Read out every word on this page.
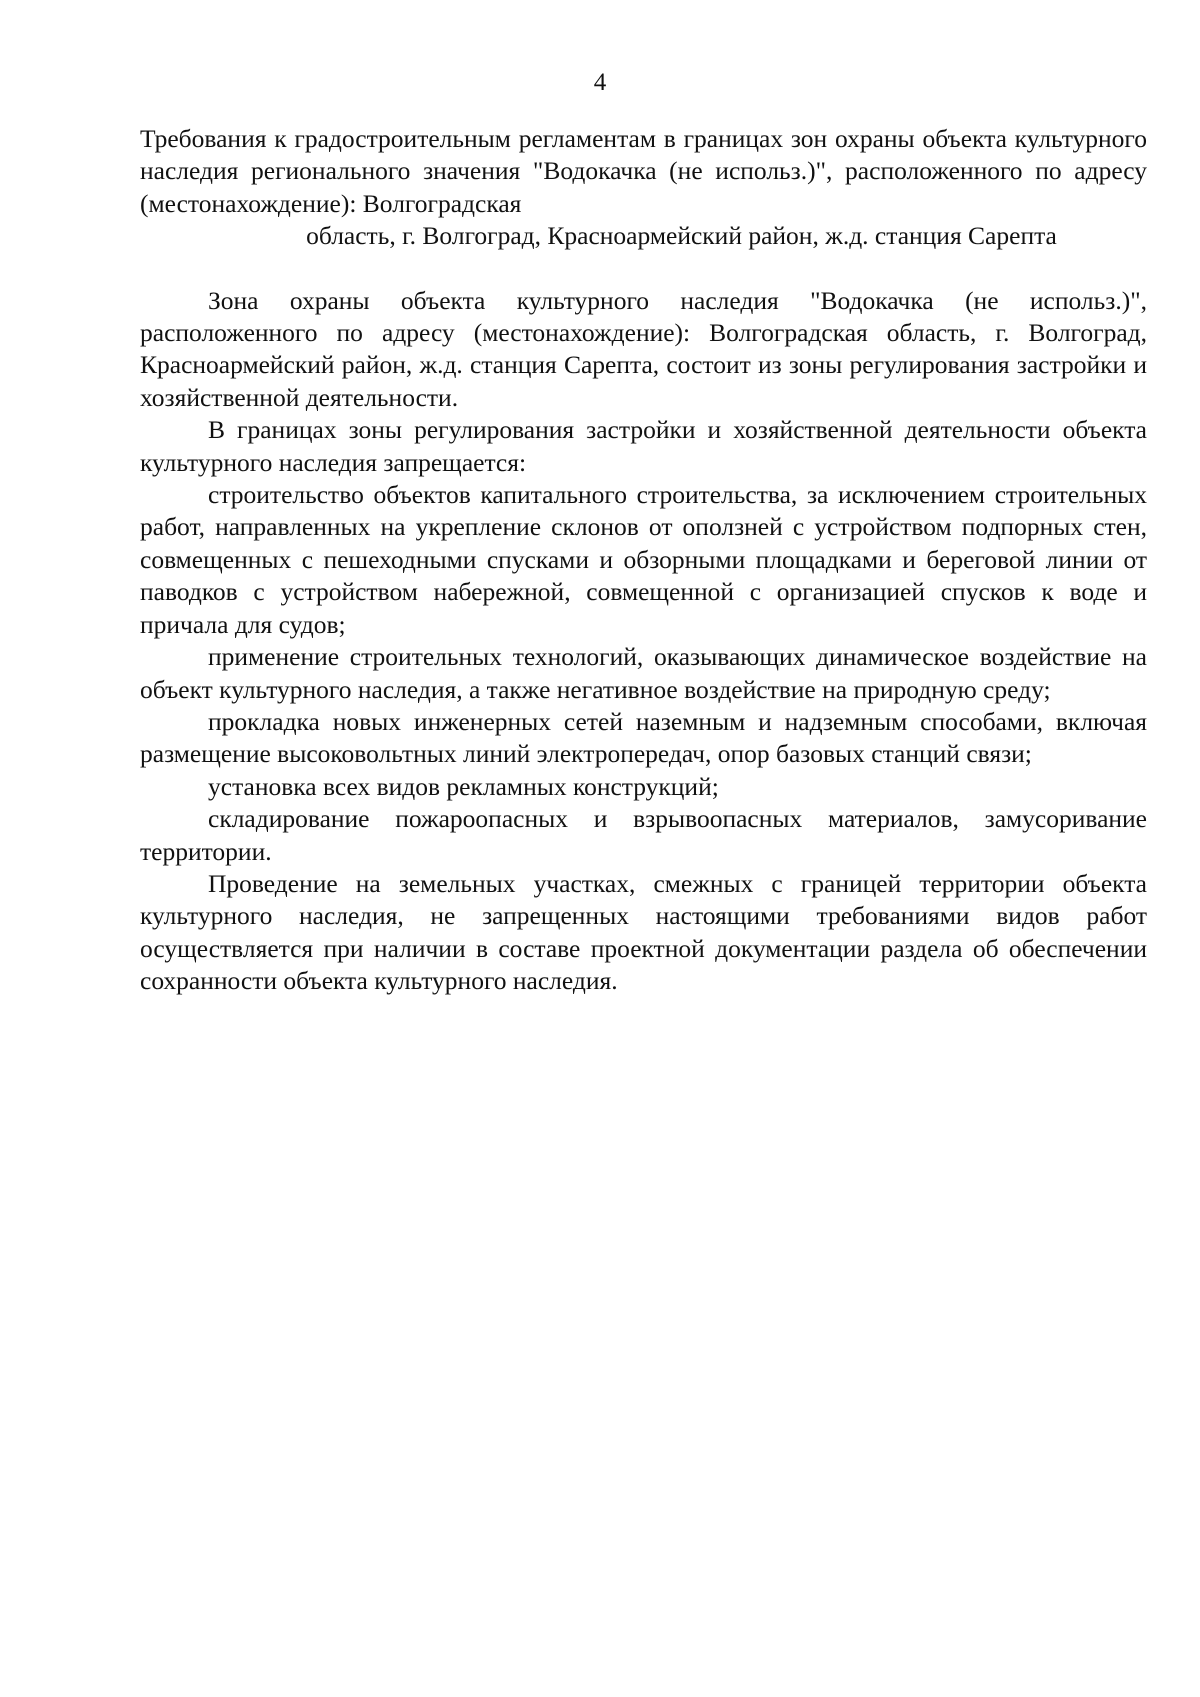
4
Требования к градостроительным регламентам в границах зон охраны объекта культурного наследия регионального значения "Водокачка (не использ.)", расположенного по адресу (местонахождение): Волгоградская
область, г. Волгоград, Красноармейский район, ж.д. станция Сарепта

Зона охраны объекта культурного наследия "Водокачка (не использ.)", расположенного по адресу (местонахождение): Волгоградская область, г. Волгоград, Красноармейский район, ж.д. станция Сарепта, состоит из зоны регулирования застройки и хозяйственной деятельности.

В границах зоны регулирования застройки и хозяйственной деятельности объекта культурного наследия запрещается:

строительство объектов капитального строительства, за исключением строительных работ, направленных на укрепление склонов от оползней с устройством подпорных стен, совмещенных с пешеходными спусками и обзорными площадками и береговой линии от паводков с устройством набережной, совмещенной с организацией спусков к воде и причала для судов;

применение строительных технологий, оказывающих динамическое воздействие на объект культурного наследия, а также негативное воздействие на природную среду;

прокладка новых инженерных сетей наземным и надземным способами, включая размещение высоковольтных линий электропередач, опор базовых станций связи;

установка всех видов рекламных конструкций;

складирование пожароопасных и взрывоопасных материалов, замусоривание территории.

Проведение на земельных участках, смежных с границей территории объекта культурного наследия, не запрещенных настоящими требованиями видов работ осуществляется при наличии в составе проектной документации раздела об обеспечении сохранности объекта культурного наследия.
